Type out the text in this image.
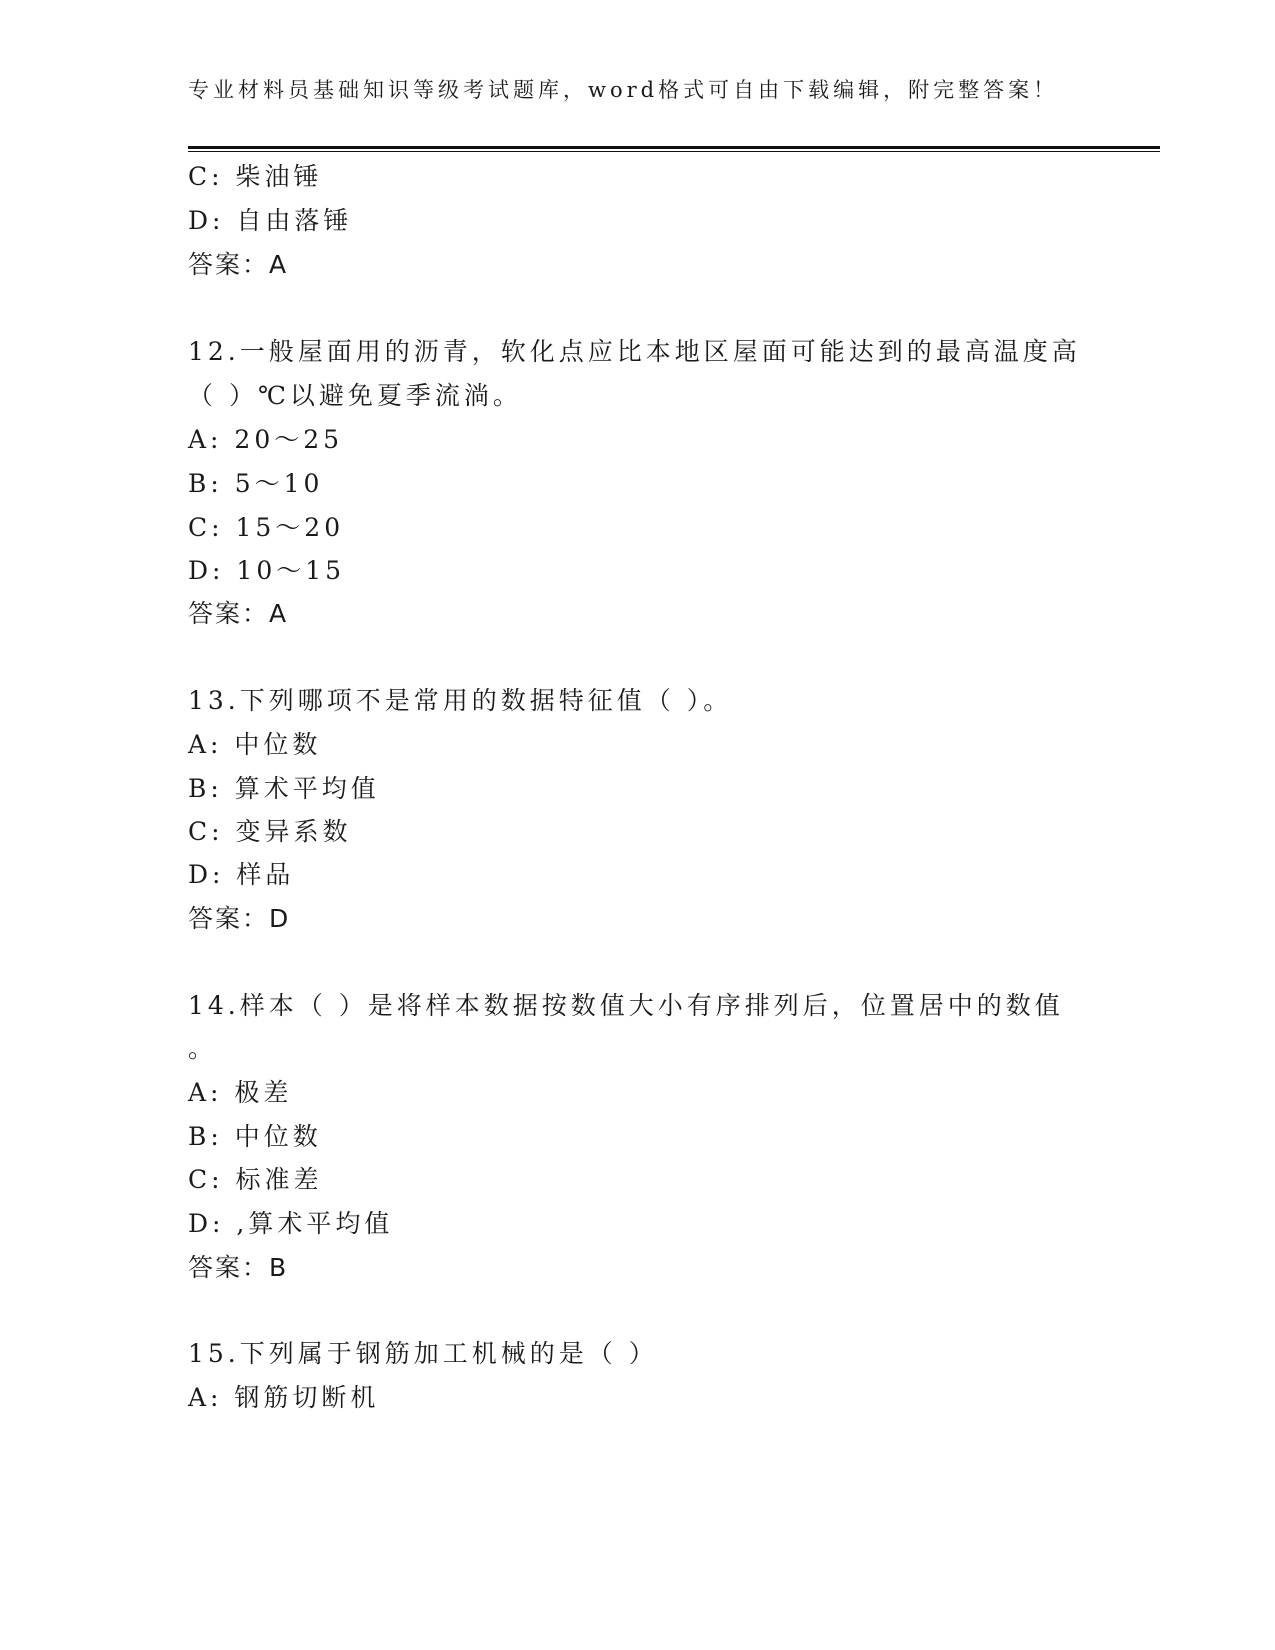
专业材料员基础知识等级考试题库，word格式可自由下载编辑，附完整答案！
C: 柴油锤
D: 自由落锤
答案：A
12.一般屋面用的沥青，软化点应比本地区屋面可能达到的最高温度高
（ ）℃以避免夏季流淌。
A: 20～25
B: 5～10
C: 15～20
D: 10～15
答案：A
13.下列哪项不是常用的数据特征值（ ）。
A: 中位数
B: 算术平均值
C: 变异系数
D: 样品
答案：D
14.样本（ ）是将样本数据按数值大小有序排列后，位置居中的数值
。
A: 极差
B: 中位数
C: 标准差
D: ,算术平均值
答案：B
15.下列属于钢筋加工机械的是（ ）
A: 钢筋切断机
